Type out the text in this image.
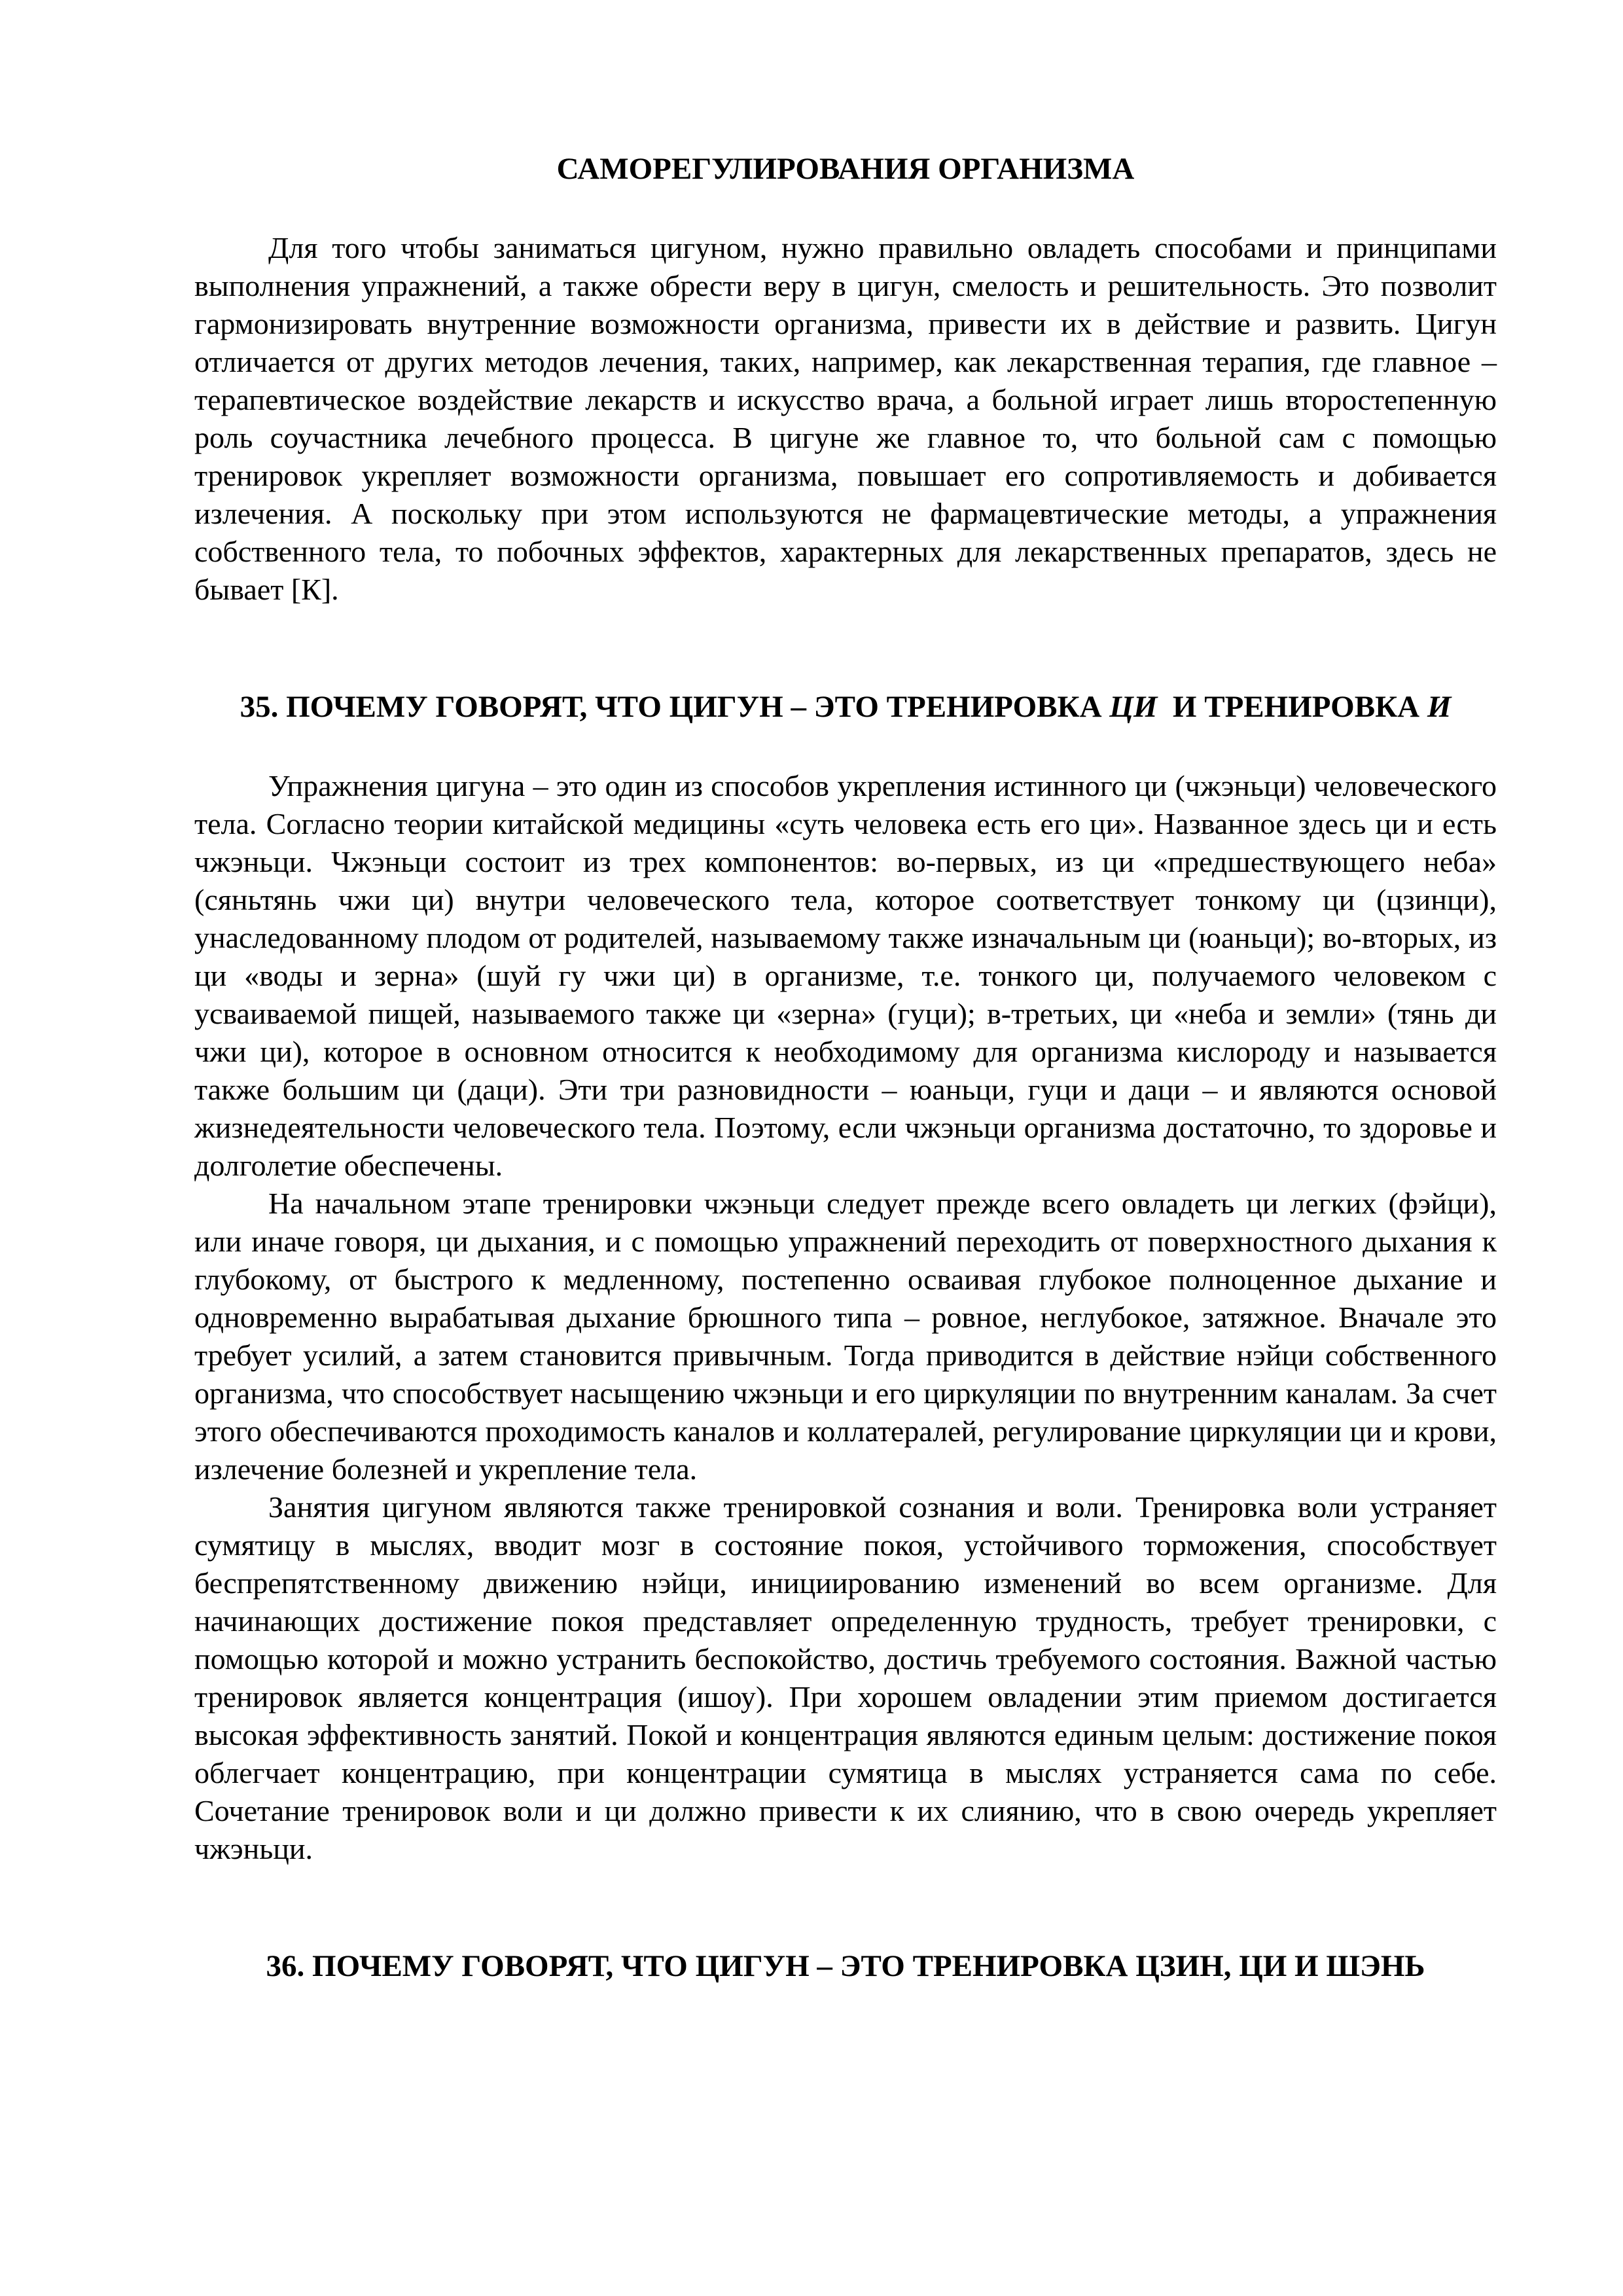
САМОРЕГУЛИРОВАНИЯ ОРГАНИЗМА

Для того чтобы заниматься цигуном, нужно правильно овладеть способами и принципами выполнения упражнений, а также обрести веру в цигун, смелость и решительность. Это позволит гармонизировать внутренние возможности организма, привести их в действие и развить. Цигун отличается от других методов лечения, таких, например, как лекарственная терапия, где главное – терапевтическое воздействие лекарств и искусство врача, а больной играет лишь второстепенную роль соучастника лечебного процесса. В цигуне же главное то, что больной сам с помощью тренировок укрепляет возможности организма, повышает его сопротивляемость и добивается излечения. А поскольку при этом используются не фармацевтические методы, а упражнения собственного тела, то побочных эффектов, характерных для лекарственных препаратов, здесь не бывает [К].

35. ПОЧЕМУ ГОВОРЯТ, ЧТО ЦИГУН – ЭТО ТРЕНИРОВКА ЦИ  И ТРЕНИРОВКА И

Упражнения цигуна – это один из способов укрепления истинного ци (чжэньци) человеческого тела. Согласно теории китайской медицины «суть человека есть его ци». Названное здесь ци и есть чжэньци. Чжэньци состоит из трех компонентов: во-первых, из ци «предшествующего неба» (сяньтянь чжи ци) внутри человеческого тела, которое соответствует тонкому ци (цзинци), унаследованному плодом от родителей, называемому также изначальным ци (юаньци); во-вторых, из ци «воды и зерна» (шуй гу чжи ци) в организме, т.е. тонкого ци, получаемого человеком с усваиваемой пищей, называемого также ци «зерна» (гуци); в-третьих, ци «неба и земли» (тянь ди чжи ци), которое в основном относится к необходимому для организма кислороду и называется также большим ци (даци). Эти три разновидности – юаньци, гуци и даци – и являются основой жизнедеятельности человеческого тела. Поэтому, если чжэньци организма достаточно, то здоровье и долголетие обеспечены.

На начальном этапе тренировки чжэньци следует прежде всего овладеть ци легких (фэйци), или иначе говоря, ци дыхания, и с помощью упражнений переходить от поверхностного дыхания к глубокому, от быстрого к медленному, постепенно осваивая глубокое полноценное дыхание и одновременно вырабатывая дыхание брюшного типа – ровное, неглубокое, затяжное. Вначале это требует усилий, а затем становится привычным. Тогда приводится в действие нэйци собственного организма, что способствует насыщению чжэньци и его циркуляции по внутренним каналам. За счет этого обеспечиваются проходимость каналов и коллатералей, регулирование циркуляции ци и крови, излечение болезней и укрепление тела.

Занятия цигуном являются также тренировкой сознания и воли. Тренировка воли устраняет сумятицу в мыслях, вводит мозг в состояние покоя, устойчивого торможения, способствует беспрепятственному движению нэйци, инициированию изменений во всем организме. Для начинающих достижение покоя представляет определенную трудность, требует тренировки, с помощью которой и можно устранить беспокойство, достичь требуемого состояния. Важной частью тренировок является концентрация (ишоу). При хорошем овладении этим приемом достигается высокая эффективность занятий. Покой и концентрация являются единым целым: достижение покоя облегчает концентрацию, при концентрации сумятица в мыслях устраняется сама по себе. Сочетание тренировок воли и ци должно привести к их слиянию, что в свою очередь укрепляет чжэньци.

36. ПОЧЕМУ ГОВОРЯТ, ЧТО ЦИГУН – ЭТО ТРЕНИРОВКА ЦЗИН, ЦИ И ШЭНЬ
